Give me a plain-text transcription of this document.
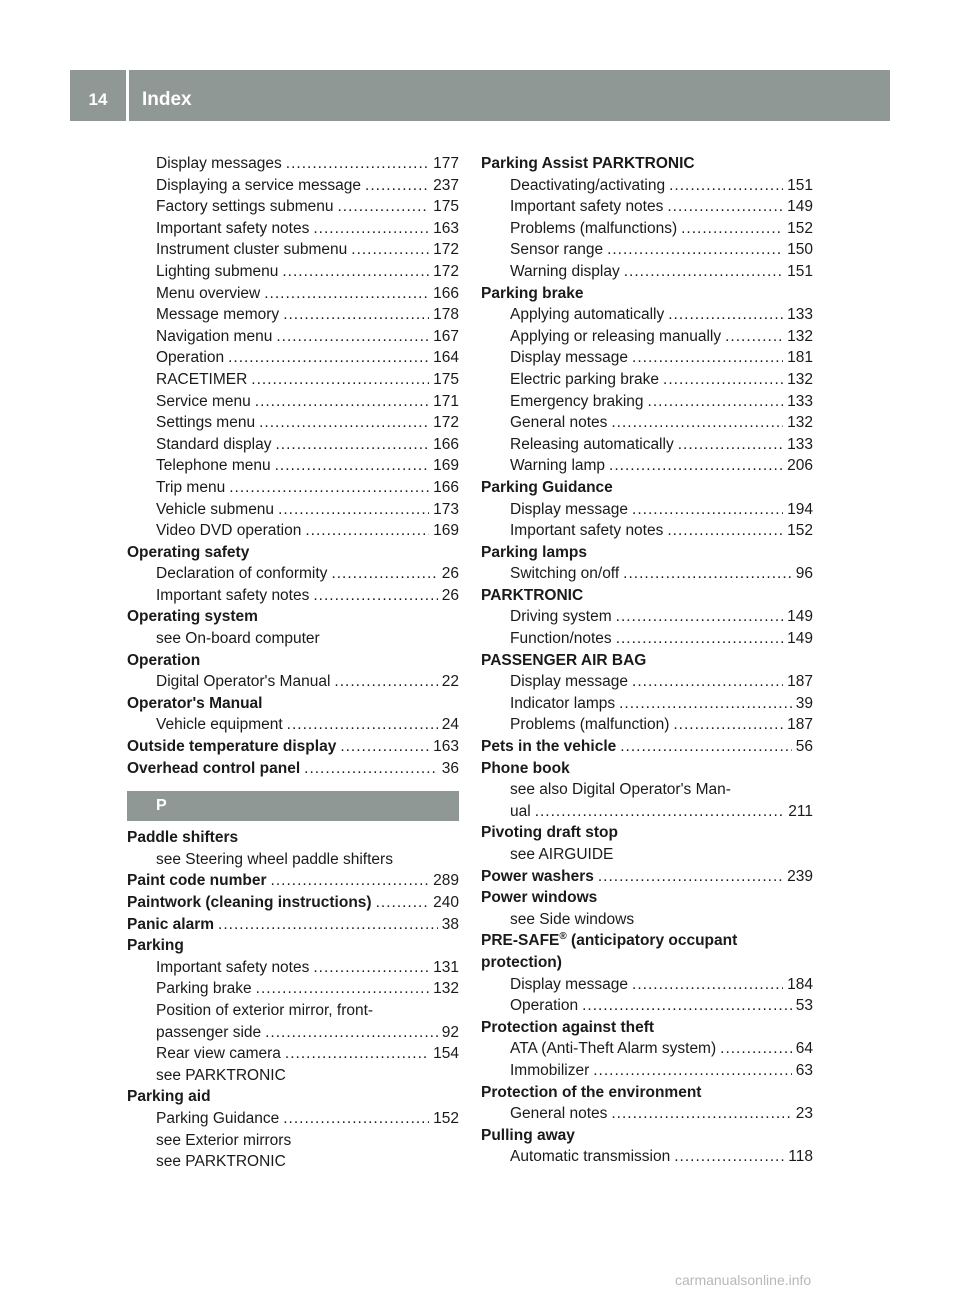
14	Index
Display messages .....	177
Displaying a service message .....	237
Factory settings submenu .....	175
Important safety notes .....	163
Instrument cluster submenu .....	172
Lighting submenu .....	172
Menu overview .....	166
Message memory .....	178
Navigation menu .....	167
Operation .....	164
RACETIMER .....	175
Service menu .....	171
Settings menu .....	172
Standard display .....	166
Telephone menu .....	169
Trip menu .....	166
Vehicle submenu .....	173
Video DVD operation .....	169
Operating safety
Declaration of conformity .....	26
Important safety notes .....	26
Operating system
see On-board computer
Operation
Digital Operator's Manual .....	22
Operator's Manual
Vehicle equipment .....	24
Outside temperature display .....	163
Overhead control panel .....	36
P
Paddle shifters
see Steering wheel paddle shifters
Paint code number .....	289
Paintwork (cleaning instructions) .....	240
Panic alarm .....	38
Parking
Important safety notes .....	131
Parking brake .....	132
Position of exterior mirror, front-
passenger side .....	92
Rear view camera .....	154
see PARKTRONIC
Parking aid
Parking Guidance .....	152
see Exterior mirrors
see PARKTRONIC
Parking Assist PARKTRONIC
Deactivating/activating .....	151
Important safety notes .....	149
Problems (malfunctions) .....	152
Sensor range .....	150
Warning display .....	151
Parking brake
Applying automatically .....	133
Applying or releasing manually .....	132
Display message .....	181
Electric parking brake .....	132
Emergency braking .....	133
General notes .....	132
Releasing automatically .....	133
Warning lamp .....	206
Parking Guidance
Display message .....	194
Important safety notes .....	152
Parking lamps
Switching on/off .....	96
PARKTRONIC
Driving system .....	149
Function/notes .....	149
PASSENGER AIR BAG
Display message .....	187
Indicator lamps .....	39
Problems (malfunction) .....	187
Pets in the vehicle .....	56
Phone book
see also Digital Operator's Man-
ual .....	211
Pivoting draft stop
see AIRGUIDE
Power washers .....	239
Power windows
see Side windows
PRE-SAFE® (anticipatory occupant
protection)
Display message .....	184
Operation .....	53
Protection against theft
ATA (Anti-Theft Alarm system) .....	64
Immobilizer .....	63
Protection of the environment
General notes .....	23
Pulling away
Automatic transmission .....	118
carmanualsonline.info
